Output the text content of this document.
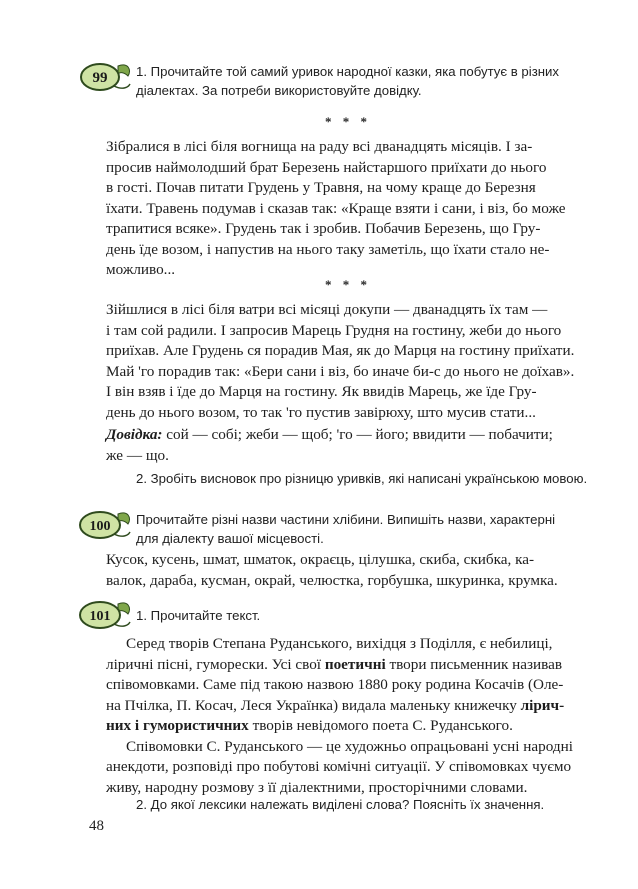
99 1. Прочитайте той самий уривок народної казки, яка побутує в різних
діалектах. За потреби використовуйте довідку.
* * *
Зібралися в лісі біля вогнища на раду всі дванадцять місяців. І за-
просив наймолодший брат Березень найстаршого приїхати до нього
в гості. Почав питати Грудень у Травня, на чому краще до Березня
їхати. Травень подумав і сказав так: «Краще взяти і сани, і віз, бо може
трапитися всяке». Грудень так і зробив. Побачив Березень, що Гру-
день їде возом, і напустив на нього таку заметіль, що їхати стало не-
можливо...
* * *
Зійшлися в лісі біля ватри всі місяці докупи — дванадцять їх там —
і там сой радили. І запросив Марець Грудня на гостину, жеби до нього
приїхав. Але Грудень ся порадив Мая, як до Марця на гостину приїхати.
Май 'го порадив так: «Бери сани і віз, бо иначе би-с до нього не доїхав».
І він взяв і їде до Марця на гостину. Як ввидів Марець, же їде Гру-
день до нього возом, то так 'го пустив завірюху, што мусив стати...
Довідка: сой — собі; жеби — щоб; 'го — його; ввидити — побачити;
же — що.
2. Зробіть висновок про різницю уривків, які написані українською мовою.
100 Прочитайте різні назви частини хлібини. Випишіть назви, характерні
для діалекту вашої місцевості.
Кусок, кусень, шмат, шматок, окраєць, цілушка, скиба, скибка, ка-
валок, дараба, кусман, окрай, челюстка, горбушка, шкуринка, крумка.
101 1. Прочитайте текст.
Серед творів Степана Руданського, вихідця з Поділля, є небилиці,
ліричні пісні, гуморески. Усі свої поетичні твори письменник називав
співомовками. Саме під такою назвою 1880 року родина Косачів (Оле-
на Пчілка, П. Косач, Леся Українка) видала маленьку книжечку лірич-
них і гумористичних творів невідомого поета С. Руданського.
Співомовки С. Руданського — це художньо опрацьовані усні народні
анекдоти, розповіді про побутові комічні ситуації. У співомовках чуємо
живу, народну розмову з її діалектними, просторічними словами.
2. До якої лексики належать виділені слова? Поясніть їх значення.
48
